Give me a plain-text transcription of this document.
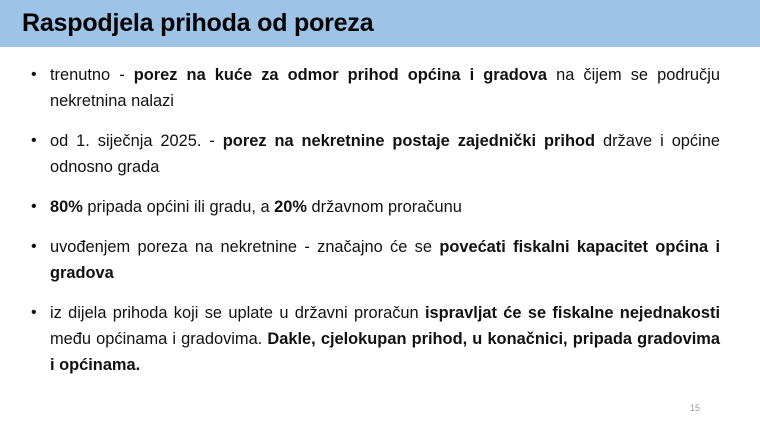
Raspodjela prihoda od poreza
• trenutno - porez na kuće za odmor prihod općina i gradova na čijem se području nekretnina nalazi
• od 1. siječnja 2025. - porez na nekretnine postaje zajednički prihod države i općine odnosno grada
• 80% pripada općini ili gradu, a 20% državnom proračunu
• uvođenjem poreza na nekretnine - značajno će se povećati fiskalni kapacitet općina i gradova
• iz dijela prihoda koji se uplate u državni proračun ispravljat će se fiskalne nejednakosti među općinama i gradovima. Dakle, cjelokupan prihod, u konačnici, pripada gradovima i općinama.
15
